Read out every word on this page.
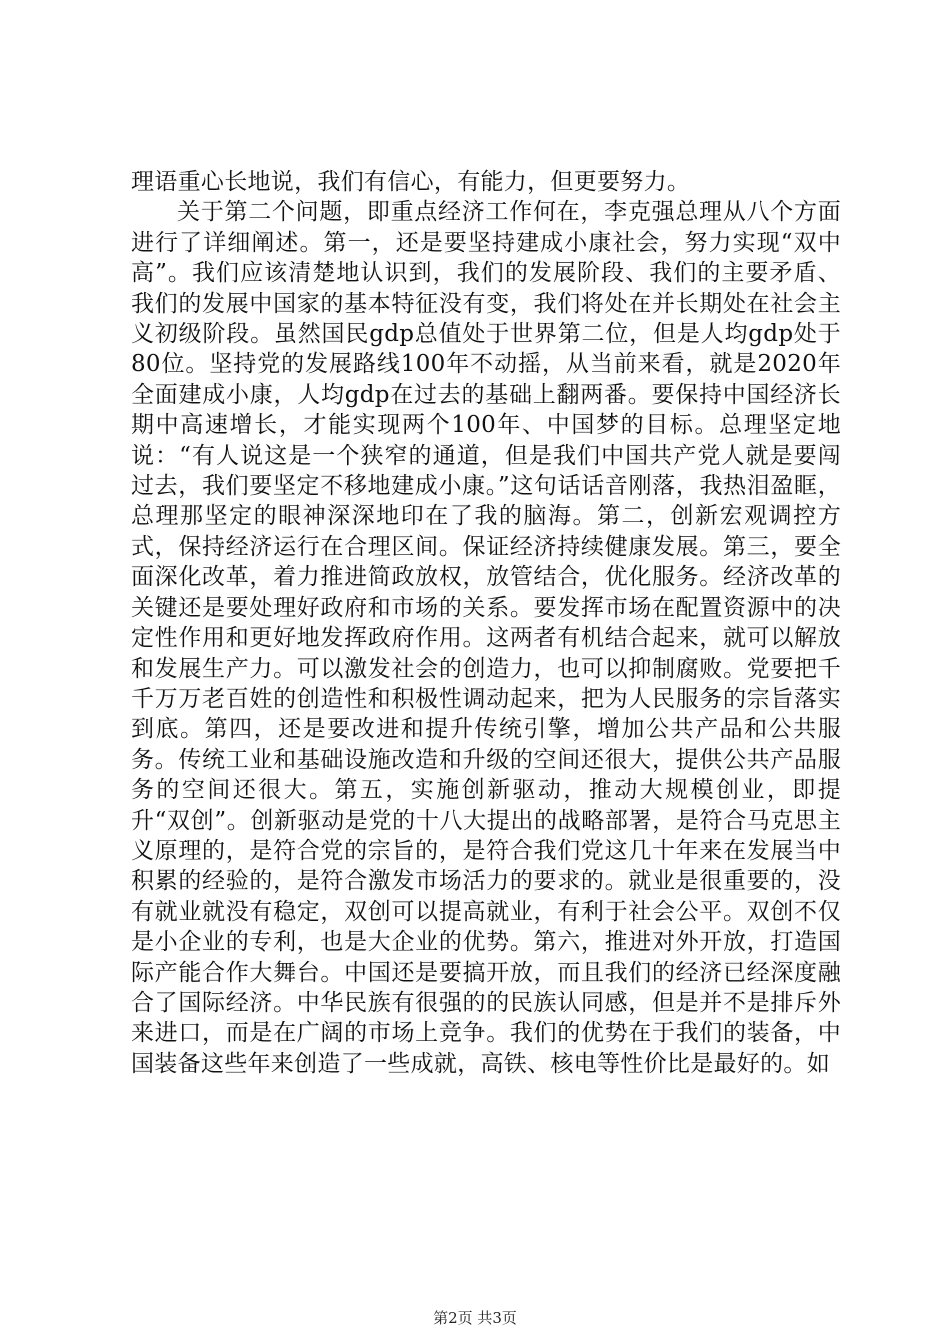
理语重心长地说，我们有信心，有能力，但更要努力。

关于第二个问题，即重点经济工作何在，李克强总理从八个方面进行了详细阐述。第一，还是要坚持建成小康社会，努力实现“双中高”。我们应该清楚地认识到，我们的发展阶段、我们的主要矛盾、我们的发展中国家的基本特征没有变，我们将处在并长期处在社会主义初级阶段。虽然国民gdp总值处于世界第二位，但是人均gdp处于80位。坚持党的发展路线100年不动摇，从当前来看，就是2020年全面建成小康，人均gdp在过去的基础上翻两番。要保持中国经济长期中高速增长，才能实现两个100年、中国梦的目标。总理坚定地说：“有人说这是一个狭窄的通道，但是我们中国共产党人就是要闯过去，我们要坚定不移地建成小康。”这句话话音刚落，我热泪盈眶，总理那坚定的眼神深深地印在了我的脑海。第二，创新宏观调控方式，保持经济运行在合理区间。保证经济持续健康发展。第三，要全面深化改革，着力推进简政放权，放管结合，优化服务。经济改革的关键还是要处理好政府和市场的关系。要发挥市场在配置资源中的决定性作用和更好地发挥政府作用。这两者有机结合起来，就可以解放和发展生产力。可以激发社会的创造力，也可以抑制腐败。党要把千千万万老百姓的创造性和积极性调动起来，把为人民服务的宗旨落实到底。第四，还是要改进和提升传统引擎，增加公共产品和公共服务。传统工业和基础设施改造和升级的空间还很大，提供公共产品服务的空间还很大。第五，实施创新驱动，推动大规模创业，即提升“双创”。创新驱动是党的十八大提出的战略部署，是符合马克思主义原理的，是符合党的宗旨的，是符合我们党这几十年来在发展当中积累的经验的，是符合激发市场活力的要求的。就业是很重要的，没有就业就没有稳定，双创可以提高就业，有利于社会公平。双创不仅是小企业的专利，也是大企业的优势。第六，推进对外开放，打造国际产能合作大舞台。中国还是要搞开放，而且我们的经济已经深度融合了国际经济。中华民族有很强的的民族认同感，但是并不是排斥外来进口，而是在广阔的市场上竞争。我们的优势在于我们的装备，中国装备这些年来创造了一些成就，高铁、核电等性价比是最好的。如

第2页 共3页
